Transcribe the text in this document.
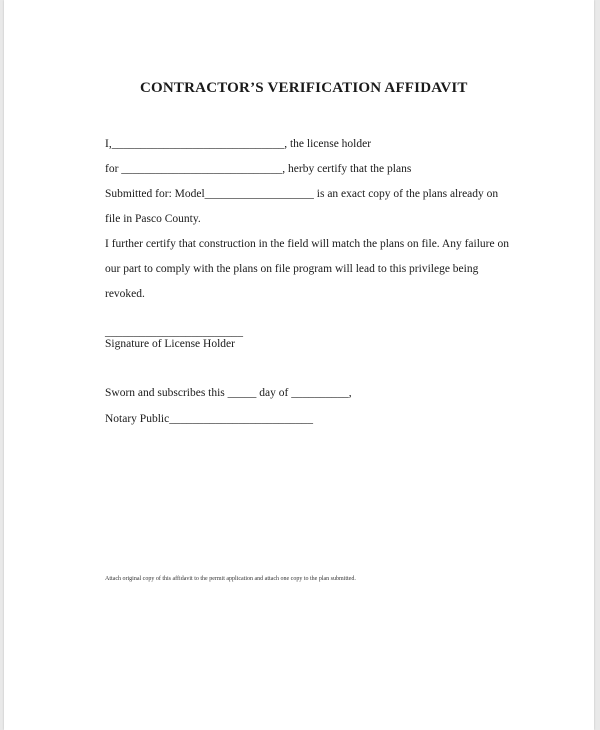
CONTRACTOR’S VERIFICATION AFFIDAVIT
I,______________________________, the license holder
for ____________________________, herby certify that the plans
Submitted for: Model___________________ is an exact copy of the plans already on
file in Pasco County.
I further certify that construction in the field will match the plans on file. Any failure on
our part to comply with the plans on file program will lead to this privilege being
revoked.
________________________
Signature of License Holder
Sworn and subscribes this _____ day of __________,
Notary Public_________________________
Attach original copy of this affidavit to the permit application and attach one copy to the plan submitted.
